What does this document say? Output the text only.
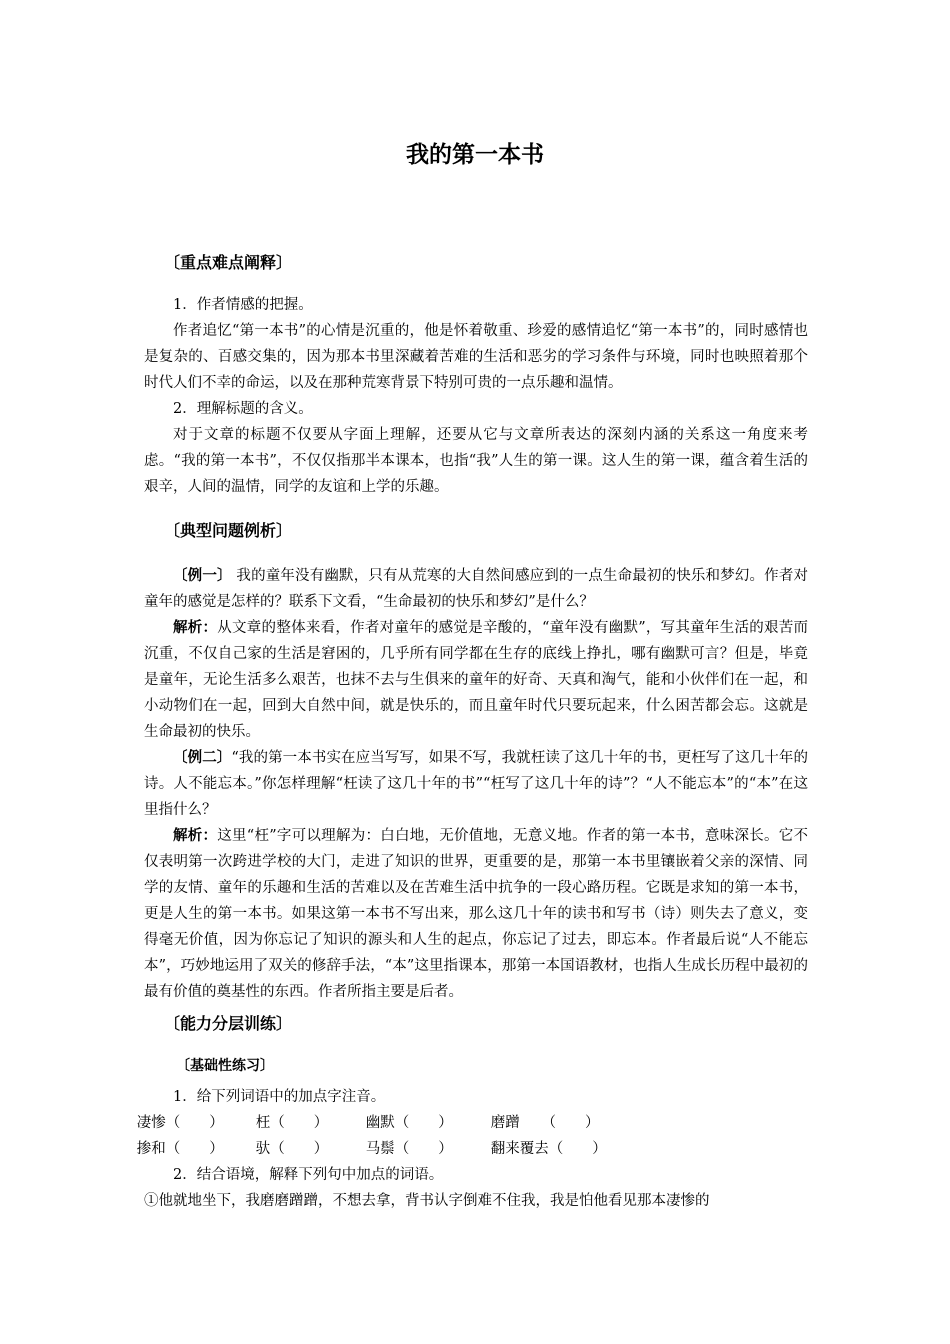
我的第一本书
〔重点难点阐释〕

1．作者情感的把握。

作者追忆“第一本书”的心情是沉重的，他是怀着敬重、珍爱的感情追忆“第一本书”的，同时感情也是复杂的、百感交集的，因为那本书里深藏着苦难的生活和恶劣的学习条件与环境，同时也映照着那个时代人们不幸的命运，以及在那种荒寒背景下特别可贵的一点乐趣和温情。

2．理解标题的含义。

对于文章的标题不仅要从字面上理解，还要从它与文章所表达的深刻内涵的关系这一角度来考虑。“我的第一本书”，不仅仅指那半本课本，也指“我”人生的第一课。这人生的第一课，蕴含着生活的艰辛，人间的温情，同学的友谊和上学的乐趣。

〔典型问题例析〕

〔例一〕 我的童年没有幽默，只有从荒寒的大自然间感应到的一点生命最初的快乐和梦幻。作者对童年的感觉是怎样的？联系下文看，“生命最初的快乐和梦幻”是什么？

解析：从文章的整体来看，作者对童年的感觉是辛酸的，“童年没有幽默”，写其童年生活的艰苦而沉重，不仅自己家的生活是窘困的，几乎所有同学都在生存的底线上挣扎，哪有幽默可言？但是，毕竟是童年，无论生活多么艰苦，也抹不去与生俱来的童年的好奇、天真和淘气，能和小伙伴们在一起，和小动物们在一起，回到大自然中间，就是快乐的，而且童年时代只要玩起来，什么困苦都会忘。这就是生命最初的快乐。

〔例二〕“我的第一本书实在应当写写，如果不写，我就枉读了这几十年的书，更枉写了这几十年的诗。人不能忘本。”你怎样理解“枉读了这几十年的书”“枉写了这几十年的诗”？“人不能忘本”的“本”在这里指什么？

解析：这里“枉”字可以理解为：白白地，无价值地，无意义地。作者的第一本书，意味深长。它不仅表明第一次跨进学校的大门，走进了知识的世界，更重要的是，那第一本书里镶嵌着父亲的深情、同学的友情、童年的乐趣和生活的苦难以及在苦难生活中抗争的一段心路历程。它既是求知的第一本书，更是人生的第一本书。如果这第一本书不写出来，那么这几十年的读书和写书（诗）则失去了意义，变得毫无价值，因为你忘记了知识的源头和人生的起点，你忘记了过去，即忘本。作者最后说“人不能忘本”，巧妙地运用了双关的修辞手法，“本”这里指课本，那第一本国语教材，也指人生成长历程中最初的最有价值的奠基性的东西。作者所指主要是后者。

〔能力分层训练〕
〔基础性练习〕

1．给下列词语中的加点字注音。

凄惨（　　）	枉（　　）	幽默（　　）	磨蹭　　（　　）
掺和（　　）	驮（　　）	马鬃（　　）	翻来覆去（　　）

2．结合语境，解释下列句中加点的词语。

①他就地坐下，我磨磨蹭蹭，不想去拿，背书认字倒难不住我，我是怕他看见那本凄惨的
